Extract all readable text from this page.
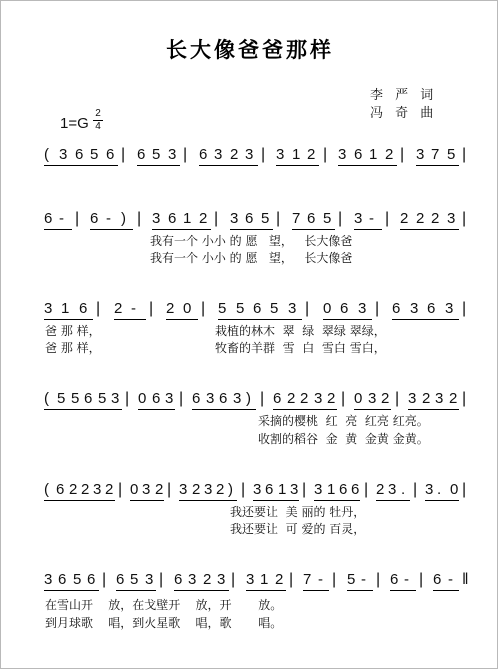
长大像爸爸那样
李 严 词
冯 奇 曲
1=G
2
4
( 3 6 5 6 | 6 5 3 | 6 3 2 3 | 3 1 2 | 3 6 1 2 | 3 7 5 |
6 - | 6 - ) | 3 6 1 2 | 3 6 5 | 7 6 5 | 3 - | 2 2 2 3 |
我有一个 小小 的 愿   望，   长大像爸
我有一个 小小 的 愿   望，   长大像爸
3 1 6 | 2 - | 2 0 | 5 5 6 5 3 | 0 6 3 | 6 3 6 3 |
爸 那 样，
爸 那 样，
栽植的林木  翠  绿  翠绿 翠绿，
牧畜的羊群  雪  白  雪白 雪白，
( 5 5 6 5 3 | 0 6 3 | 6 3 6 3 ) | 6 2 2 3 2 | 0 3 2 | 3 2 3 2 |
采摘的樱桃  红  亮  红亮 红亮。
收割的稻谷  金  黄  金黄 金黄。
( 6 2 2 3 2 | 0 3 2 | 3 2 3 2 ) | 3 6 1 3 | 3 1 6 6 | 2 3 . | 3 . 0 |
我还要让  美 丽的 牡丹，
我还要让  可 爱的 百灵，
3 6 5 6 | 6 5 3 | 6 3 2 3 | 3 1 2 | 7 - | 5 - | 6 - | 6 - ‖
在雪山开    放，在戈壁开    放，开       放。
到月球歌    唱，到火星歌    唱，歌       唱。
